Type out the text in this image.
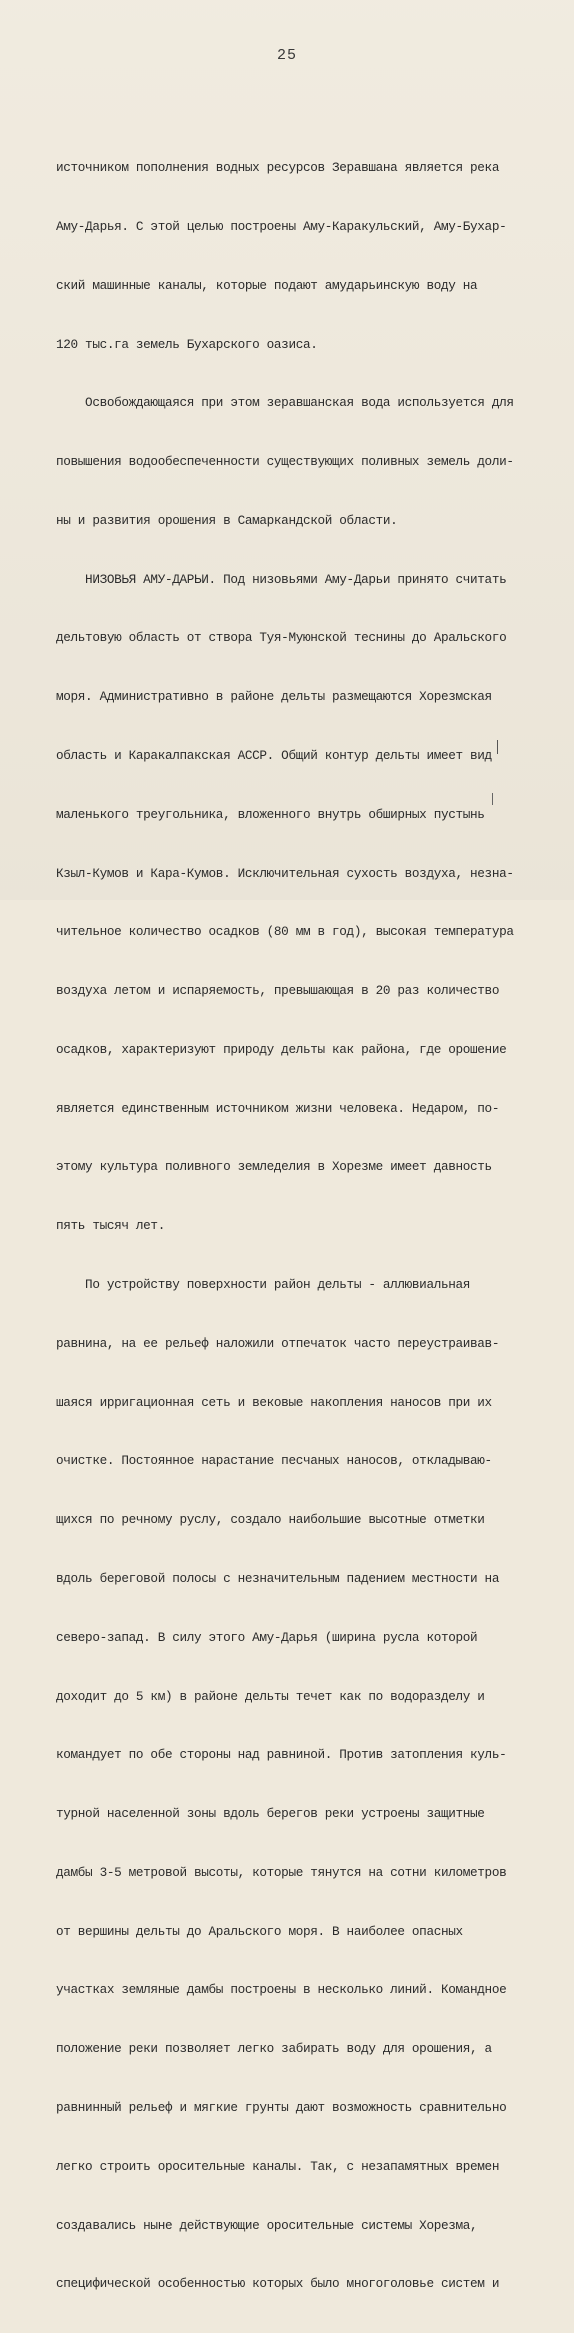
25

источником пополнения водных ресурсов Зеравшана является река

Аму-Дарья. С этой целью построены Аму-Каракульский, Аму-Бухар-

ский машинные каналы, которые подают амударьинскую воду на

120 тыс.га земель Бухарского оазиса.

Освобождающаяся при этом зеравшанская вода используется для

повышения водообеспеченности существующих поливных земель доли-

ны и развития орошения в Самаркандской области.

НИЗОВЬЯ АМУ-ДАРЬИ. Под низовьями Аму-Дарьи принято считать

дельтовую область от створа Туя-Муюнской теснины до Аральского

моря. Административно в районе дельты размещаются Хорезмская

область и Каракалпакская АССР. Общий контур дельты имеет вид

маленького треугольника, вложенного внутрь обширных пустынь

Кзыл-Кумов и Кара-Кумов. Исключительная сухость воздуха, незна-

чительное количество осадков (80 мм в год), высокая температура

воздуха летом и испаряемость, превышающая в 20 раз количество

осадков, характеризуют природу дельты как района, где орошение

является единственным источником жизни человека. Недаром, по-

этому культура поливного земледелия в Хорезме имеет давность

пять тысяч лет.

По устройству поверхности район дельты - аллювиальная

равнина, на ее рельеф наложили отпечаток часто переустраивав-

шаяся ирригационная сеть и вековые накопления наносов при их

очистке. Постоянное нарастание песчаных наносов, откладываю-

щихся по речному руслу, создало наибольшие высотные отметки

вдоль береговой полосы с незначительным падением местности на

северо-запад. В силу этого Аму-Дарья (ширина русла которой

доходит до 5 км) в районе дельты течет как по водоразделу и

командует по обе стороны над равниной. Против затопления куль-

турной населенной зоны вдоль берегов реки устроены защитные

дамбы 3-5 метровой высоты, которые тянутся на сотни километров

от вершины дельты до Аральского моря. В наиболее опасных

участках земляные дамбы построены в несколько линий. Командное

положение реки позволяет легко забирать воду для орошения, а

равнинный рельеф и мягкие грунты дают возможность сравнительно

легко строить оросительные каналы. Так, с незапамятных времен

создавались ныне действующие оросительные системы Хорезма,

специфической особенностью которых было многоголовье систем и
